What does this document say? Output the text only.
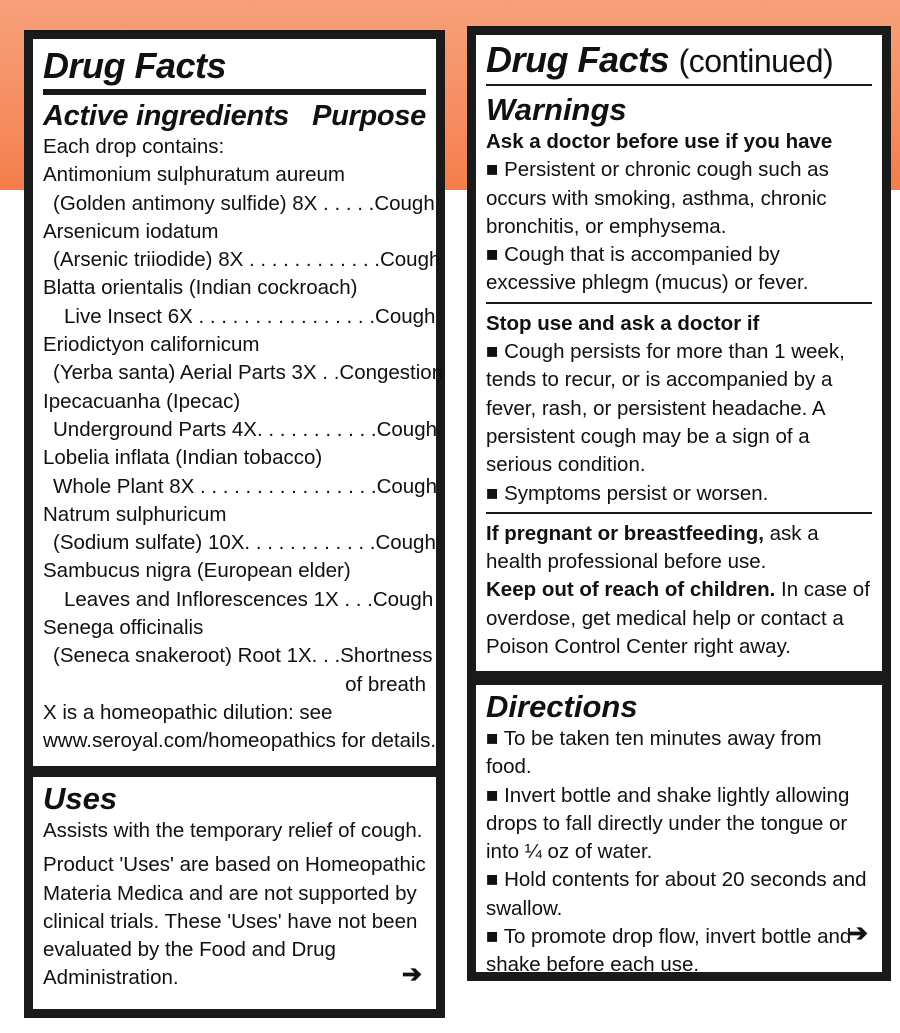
Drug Facts
Active ingredients Purpose
Each drop contains:
Antimonium sulphuratum aureum
(Golden antimony sulfide) 8X . . . . . Cough
Arsenicum iodatum
(Arsenic triiodide) 8X . . . . . . . . . . . . Cough
Blatta orientalis (Indian cockroach)
Live Insect 6X . . . . . . . . . . . . . . . . Cough
Eriodictyon californicum
(Yerba santa) Aerial Parts 3X . . Congestion
Ipecacuanha (Ipecac)
Underground Parts 4X. . . . . . . . . . . Cough
Lobelia inflata (Indian tobacco)
Whole Plant 8X . . . . . . . . . . . . . . . . Cough
Natrum sulphuricum
(Sodium sulfate) 10X. . . . . . . . . . . . Cough
Sambucus nigra (European elder)
Leaves and Inflorescences 1X . . . Cough
Senega officinalis
(Seneca snakeroot) Root 1X. . . Shortness
of breath
X is a homeopathic dilution: see
www.seroyal.com/homeopathics for details.
Uses
Assists with the temporary relief of cough.
Product 'Uses' are based on Homeopathic
Materia Medica and are not supported by
clinical trials. These 'Uses' have not been
evaluated by the Food and Drug
Administration.	➔
Drug Facts (continued)
Warnings
Ask a doctor before use if you have
■ Persistent or chronic cough such as
occurs with smoking, asthma, chronic
bronchitis, or emphysema.
■ Cough that is accompanied by
excessive phlegm (mucus) or fever.
Stop use and ask a doctor if
■ Cough persists for more than 1 week,
tends to recur, or is accompanied by a
fever, rash, or persistent headache. A
persistent cough may be a sign of a
serious condition.
■ Symptoms persist or worsen.
If pregnant or breastfeeding, ask a
health professional before use.
Keep out of reach of children. In case of
overdose, get medical help or contact a
Poison Control Center right away.
Directions
■ To be taken ten minutes away from food.
■ Invert bottle and shake lightly allowing
drops to fall directly under the tongue or
into ¼ oz of water.
■ Hold contents for about 20 seconds and
swallow.
■ To promote drop flow, invert bottle and
shake before each use.
➔
